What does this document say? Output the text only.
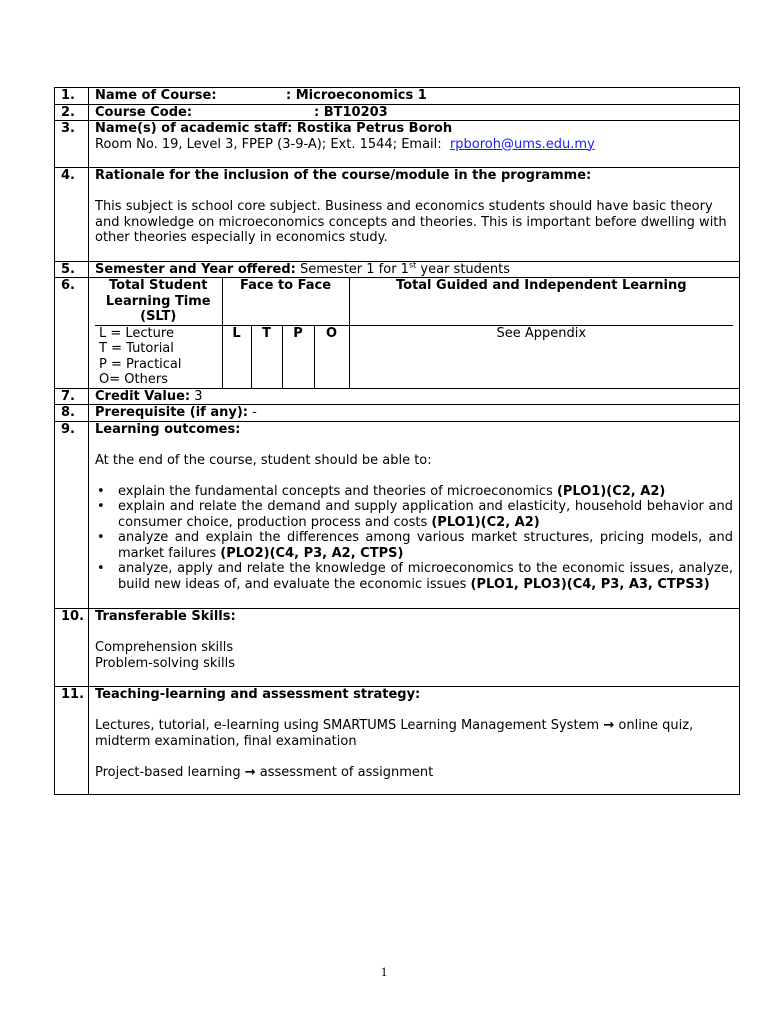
1.	Name of Course:	: Microeconomics 1
2.	Course Code:	: BT10203
3.	Name(s) of academic staff: Rostika Petrus Boroh

Room No. 19, Level 3, FPEP (3-9-A); Ext. 1544; Email: rpboroh@ums.edu.my

4.	Rationale for the inclusion of the course/module in the programme:

This subject is school core subject. Business and economics students should have basic theory and knowledge on microeconomics concepts and theories. This is important before dwelling with other theories especially in economics study.

5.	Semester and Year offered: Semester 1 for 1st year students
6.		Total Student Learning Time (SLT)	Face to Face	Total Guided and Independent Learning

L = Lecture

T = Tutorial

P = Practical

O= Others

	L	T	P	O	See Appendix

7.	Credit Value: 3
8.	Prerequisite (if any): -
9.	Learning outcomes:

At the end of the course, student should be able to:

• explain the fundamental concepts and theories of microeconomics (PLO1)(C2, A2)
• explain and relate the demand and supply application and elasticity, household behavior and consumer choice, production process and costs (PLO1)(C2, A2)
• analyze and explain the differences among various market structures, pricing models, and market failures (PLO2)(C4, P3, A2, CTPS)
• analyze, apply and relate the knowledge of microeconomics to the economic issues, analyze, build new ideas of, and evaluate the economic issues (PLO1, PLO3)(C4, P3, A3, CTPS3)

10.	Transferable Skills:

Comprehension skills

Problem-solving skills

11.	Teaching-learning and assessment strategy:

Lectures, tutorial, e-learning using SMARTUMS Learning Management System → online quiz, midterm examination, final examination

Project-based learning → assessment of assignment

1
